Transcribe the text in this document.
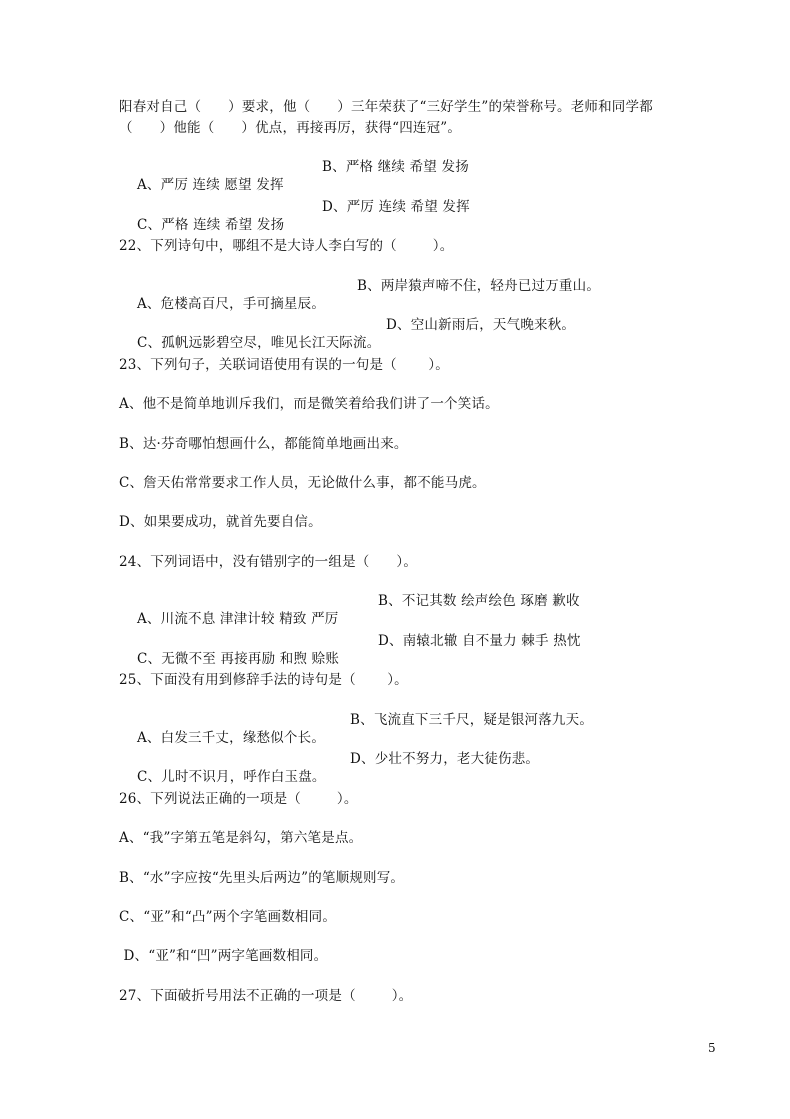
阳春对自己（      ）要求，他（      ）三年荣获了“三好学生”的荣誉称号。老师和同学都
（      ）他能（      ）优点，再接再厉，获得“四连冠”。

A、严厉 连续 愿望 发挥

B、严格 继续 希望 发扬

C、严格 连续 希望 发扬

D、严厉 连续 希望 发挥

22、下列诗句中，哪组不是大诗人李白写的（        ）。

A、危楼高百尺，手可摘星辰。

B、两岸猿声啼不住，轻舟已过万重山。

C、孤帆远影碧空尽，唯见长江天际流。

D、空山新雨后，天气晚来秋。

23、下列句子，关联词语使用有误的一句是（       ）。
A、他不是简单地训斥我们，而是微笑着给我们讲了一个笑话。
B、达·芬奇哪怕想画什么，都能简单地画出来。
C、詹天佑常常要求工作人员，无论做什么事，都不能马虎。
D、如果要成功，就首先要自信。
24、下列词语中，没有错别字的一组是（      ）。

A、川流不息 津津计较 精致 严厉

B、不记其数 绘声绘色 琢磨 歉收

C、无微不至 再接再励 和煦 赊账

D、南辕北辙 自不量力 棘手 热忱

25、下面没有用到修辞手法的诗句是（       ）。

A、白发三千丈，缘愁似个长。

B、飞流直下三千尺，疑是银河落九天。

C、儿时不识月，呼作白玉盘。

D、少壮不努力，老大徒伤悲。

26、下列说法正确的一项是（        ）。
A、“我”字第五笔是斜勾，第六笔是点。
B、“水”字应按“先里头后两边”的笔顺规则写。
C、“亚”和“凸”两个字笔画数相同。
D、“亚”和“凹”两字笔画数相同。
27、下面破折号用法不正确的一项是（        ）。
5
